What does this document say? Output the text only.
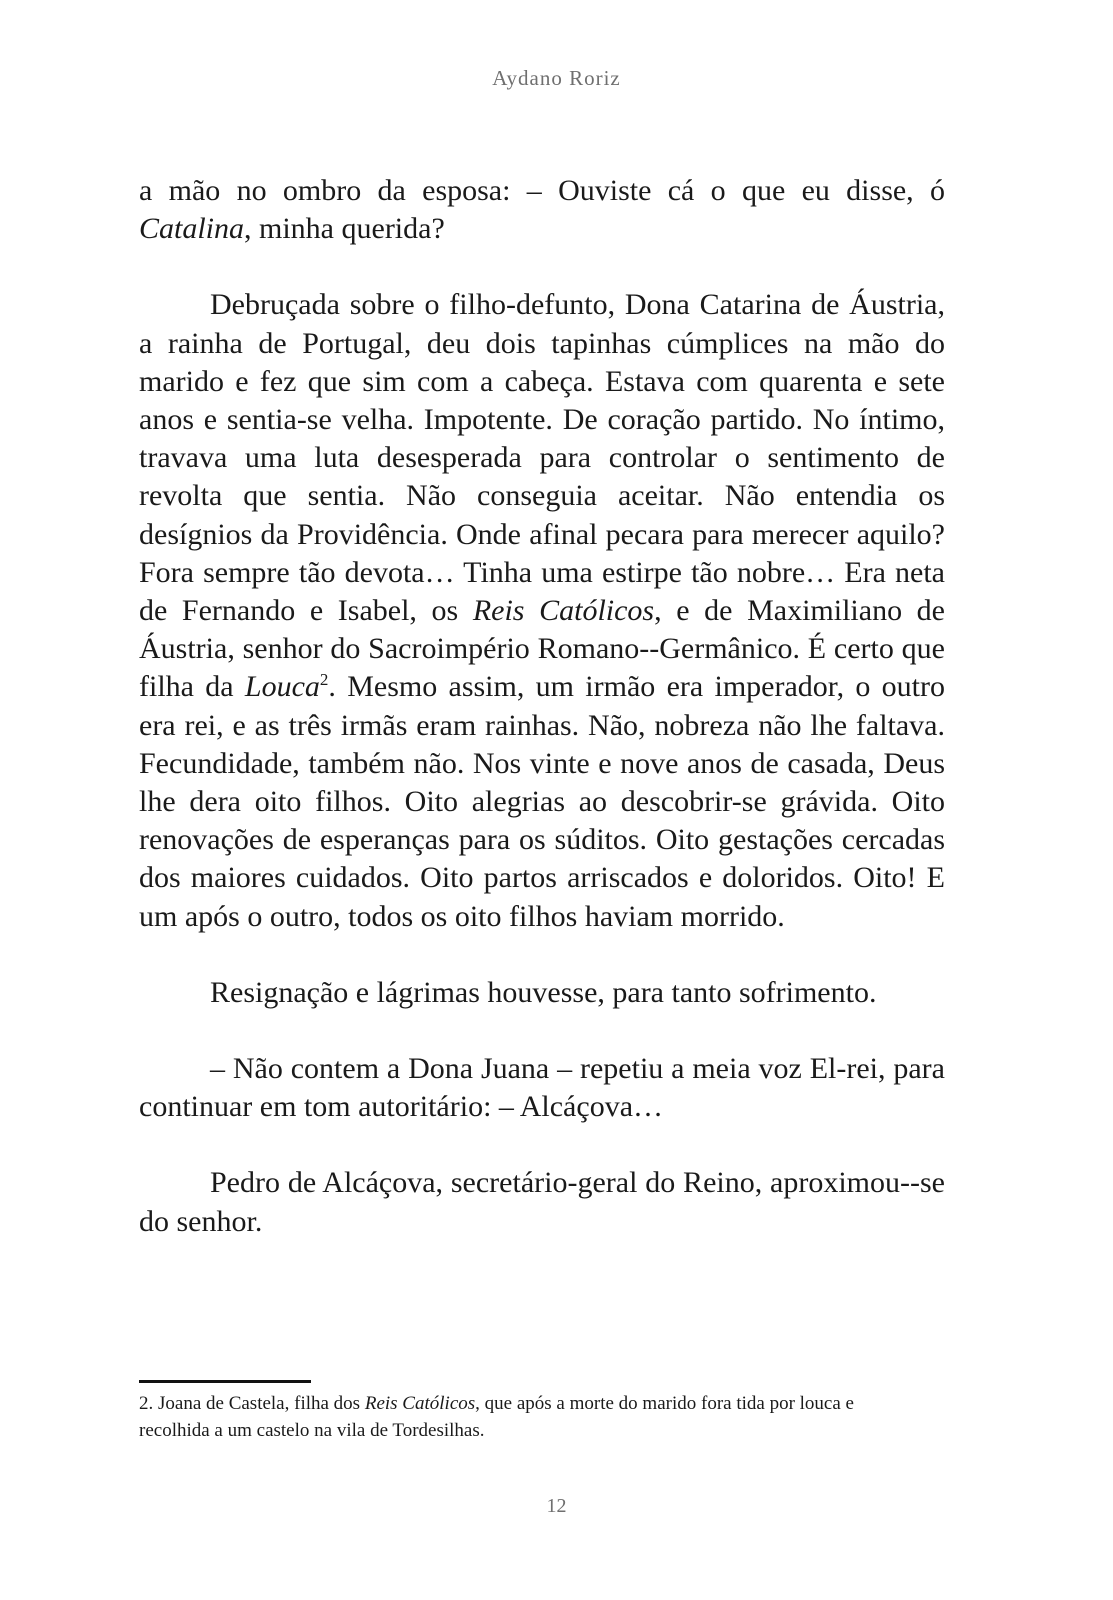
Aydano Roriz

a mão no ombro da esposa: – Ouviste cá o que eu disse, ó Catalina, minha querida?

Debruçada sobre o filho-defunto, Dona Catarina de Áustria, a rainha de Portugal, deu dois tapinhas cúmplices na mão do marido e fez que sim com a cabeça. Estava com quarenta e sete anos e sentia-se velha. Impotente. De coração partido. No íntimo, travava uma luta desesperada para controlar o sentimento de revolta que sentia. Não conseguia aceitar. Não entendia os desígnios da Providência. Onde afinal pecara para merecer aquilo? Fora sempre tão devota… Tinha uma estirpe tão nobre… Era neta de Fernando e Isabel, os Reis Católicos, e de Maximiliano de Áustria, senhor do Sacroimpério Romano--Germânico. É certo que filha da Louca$^2$. Mesmo assim, um irmão era imperador, o outro era rei, e as três irmãs eram rainhas. Não, nobreza não lhe faltava. Fecundidade, também não. Nos vinte e nove anos de casada, Deus lhe dera oito filhos. Oito alegrias ao descobrir-se grávida. Oito renovações de esperanças para os súditos. Oito gestações cercadas dos maiores cuidados. Oito partos arriscados e doloridos. Oito! E um após o outro, todos os oito filhos haviam morrido.

Resignação e lágrimas houvesse, para tanto sofrimento.

– Não contem a Dona Juana – repetiu a meia voz El-rei, para continuar em tom autoritário: – Alcáçova…

Pedro de Alcáçova, secretário-geral do Reino, aproximou--se do senhor.

2. Joana de Castela, filha dos Reis Católicos, que após a morte do marido fora tida por louca e recolhida a um castelo na vila de Tordesilhas.

12
